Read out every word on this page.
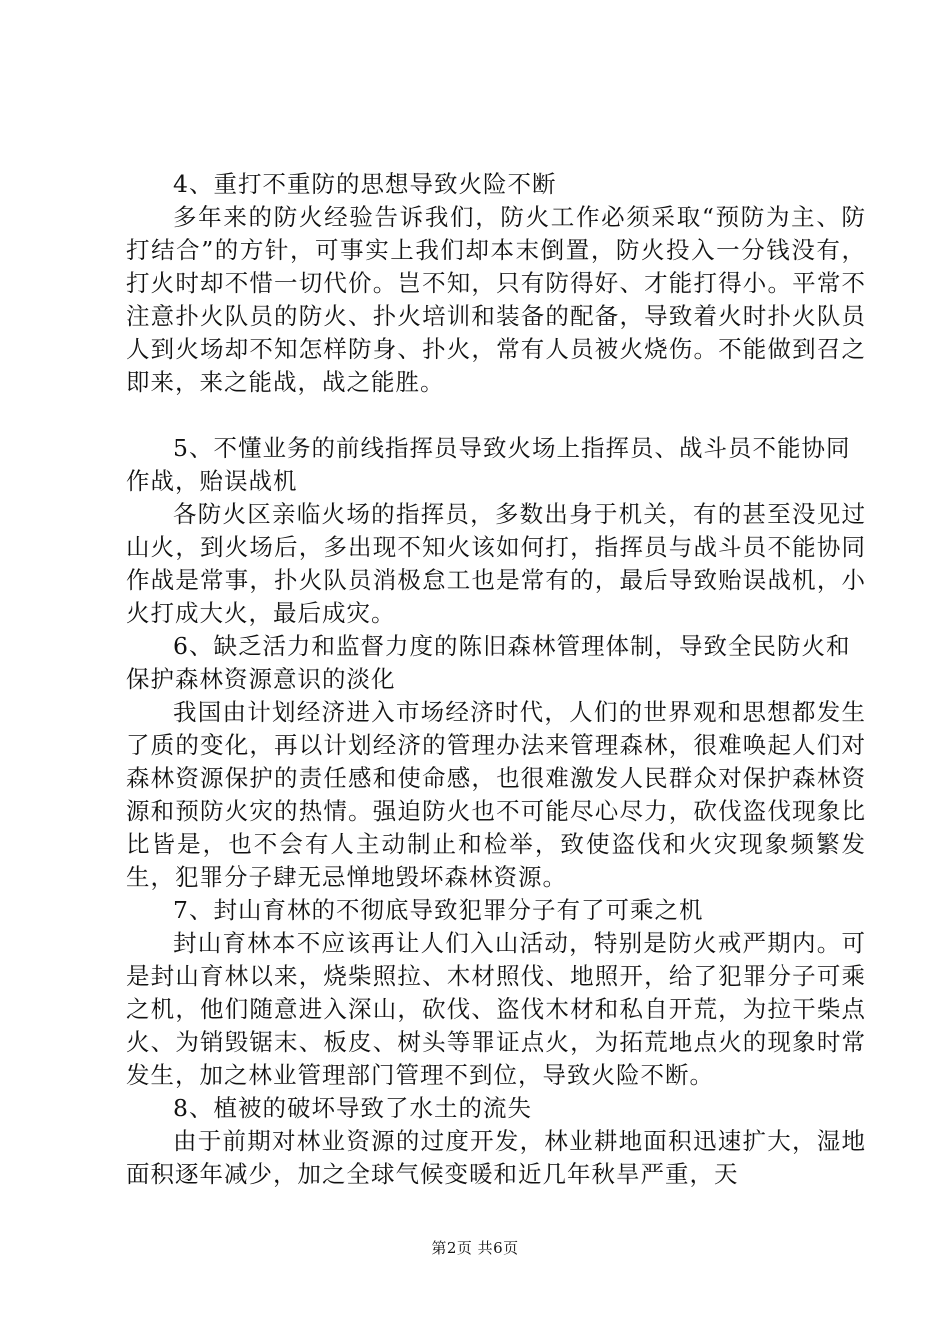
4、重打不重防的思想导致火险不断

多年来的防火经验告诉我们，防火工作必须采取“预防为主、防打结合”的方针，可事实上我们却本末倒置，防火投入一分钱没有，打火时却不惜一切代价。岂不知，只有防得好、才能打得小。平常不注意扑火队员的防火、扑火培训和装备的配备，导致着火时扑火队员人到火场却不知怎样防身、扑火，常有人员被火烧伤。不能做到召之即来，来之能战，战之能胜。

5、不懂业务的前线指挥员导致火场上指挥员、战斗员不能协同作战，贻误战机

各防火区亲临火场的指挥员，多数出身于机关，有的甚至没见过山火，到火场后，多出现不知火该如何打，指挥员与战斗员不能协同作战是常事，扑火队员消极怠工也是常有的，最后导致贻误战机，小火打成大火，最后成灾。

6、缺乏活力和监督力度的陈旧森林管理体制，导致全民防火和保护森林资源意识的淡化

我国由计划经济进入市场经济时代，人们的世界观和思想都发生了质的变化，再以计划经济的管理办法来管理森林，很难唤起人们对森林资源保护的责任感和使命感，也很难激发人民群众对保护森林资源和预防火灾的热情。强迫防火也不可能尽心尽力，砍伐盗伐现象比比皆是，也不会有人主动制止和检举，致使盗伐和火灾现象频繁发生，犯罪分子肆无忌惮地毁坏森林资源。

7、封山育林的不彻底导致犯罪分子有了可乘之机

封山育林本不应该再让人们入山活动，特别是防火戒严期内。可是封山育林以来，烧柴照拉、木材照伐、地照开，给了犯罪分子可乘之机，他们随意进入深山，砍伐、盗伐木材和私自开荒，为拉干柴点火、为销毁锯末、板皮、树头等罪证点火，为拓荒地点火的现象时常发生，加之林业管理部门管理不到位，导致火险不断。

8、植被的破坏导致了水土的流失

由于前期对林业资源的过度开发，林业耕地面积迅速扩大，湿地面积逐年减少，加之全球气候变暖和近几年秋旱严重，天

第2页 共6页
